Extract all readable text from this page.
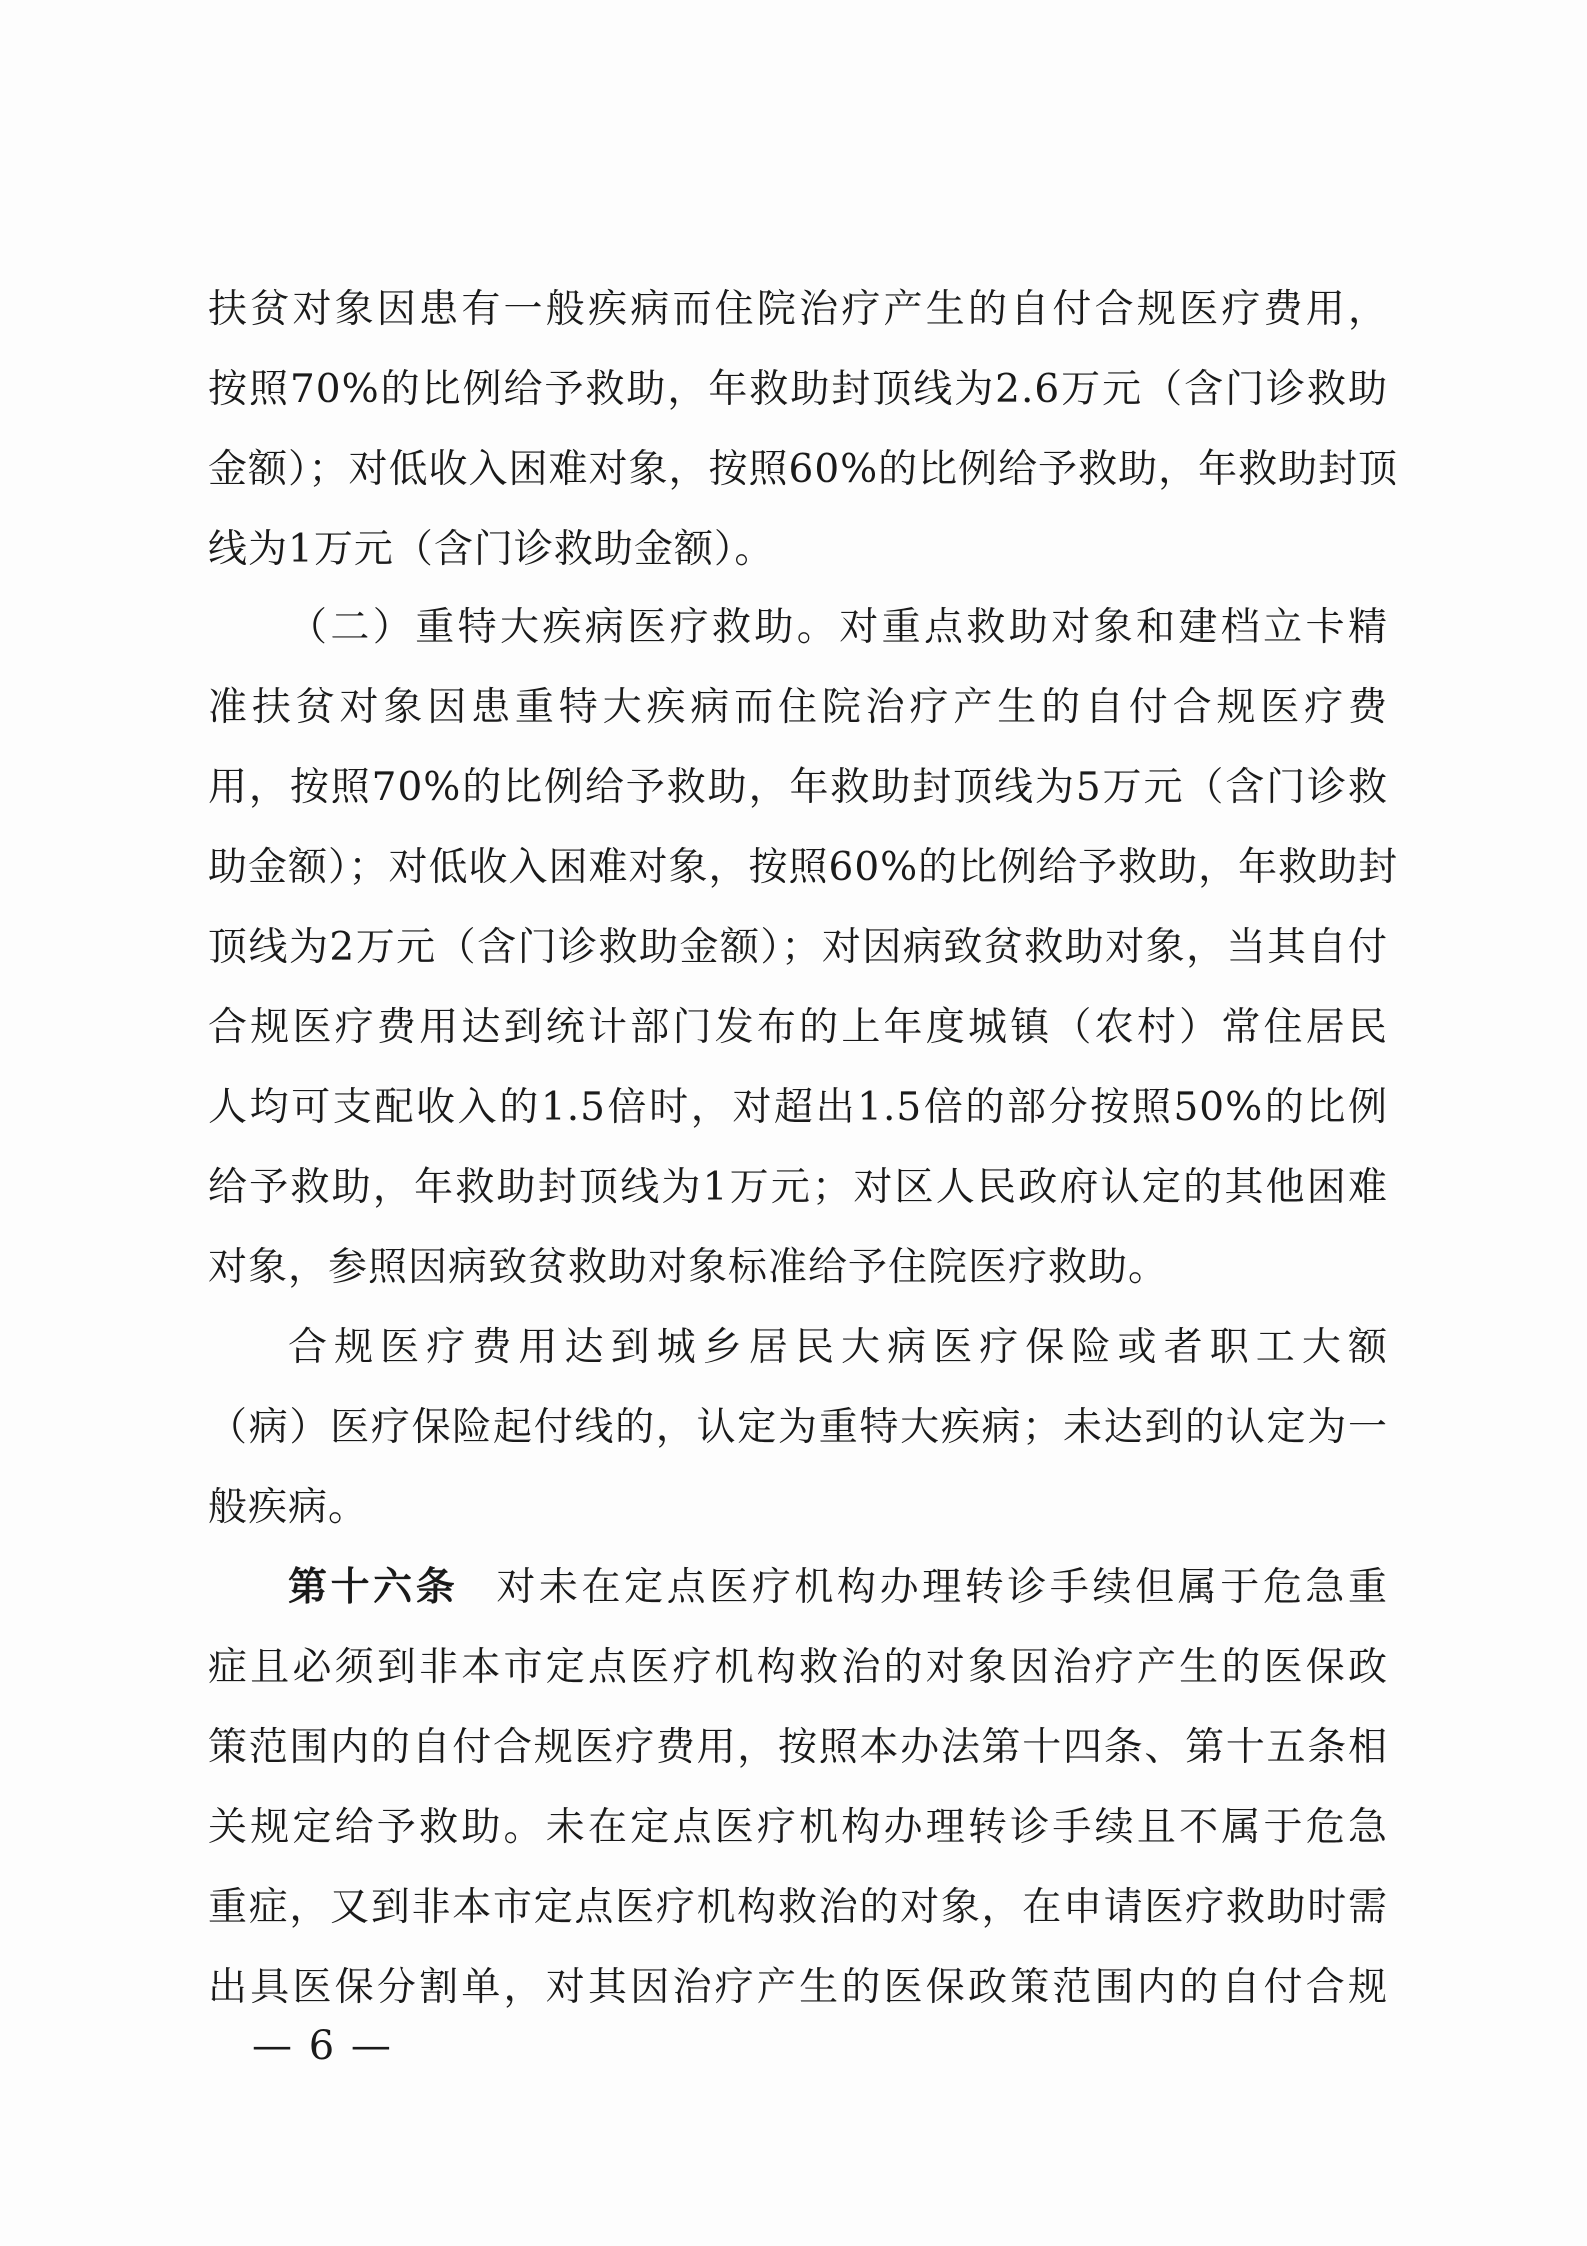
扶贫对象因患有一般疾病而住院治疗产生的自付合规医疗费用，
按照70%的比例给予救助，年救助封顶线为2.6万元（含门诊救助
金额）；对低收入困难对象，按照60%的比例给予救助，年救助封顶
线为1万元（含门诊救助金额）。
（二）重特大疾病医疗救助。对重点救助对象和建档立卡精
准扶贫对象因患重特大疾病而住院治疗产生的自付合规医疗费
用，按照70%的比例给予救助，年救助封顶线为5万元（含门诊救
助金额）；对低收入困难对象，按照60%的比例给予救助，年救助封
顶线为2万元（含门诊救助金额）；对因病致贫救助对象，当其自付
合规医疗费用达到统计部门发布的上年度城镇（农村）常住居民
人均可支配收入的1.5倍时，对超出1.5倍的部分按照50%的比例
给予救助，年救助封顶线为1万元；对区人民政府认定的其他困难
对象，参照因病致贫救助对象标准给予住院医疗救助。
合规医疗费用达到城乡居民大病医疗保险或者职工大额
（病）医疗保险起付线的，认定为重特大疾病；未达到的认定为一
般疾病。
第十六条 对未在定点医疗机构办理转诊手续但属于危急重
症且必须到非本市定点医疗机构救治的对象因治疗产生的医保政
策范围内的自付合规医疗费用，按照本办法第十四条、第十五条相
关规定给予救助。未在定点医疗机构办理转诊手续且不属于危急
重症，又到非本市定点医疗机构救治的对象，在申请医疗救助时需
出具医保分割单，对其因治疗产生的医保政策范围内的自付合规
— 6 —
